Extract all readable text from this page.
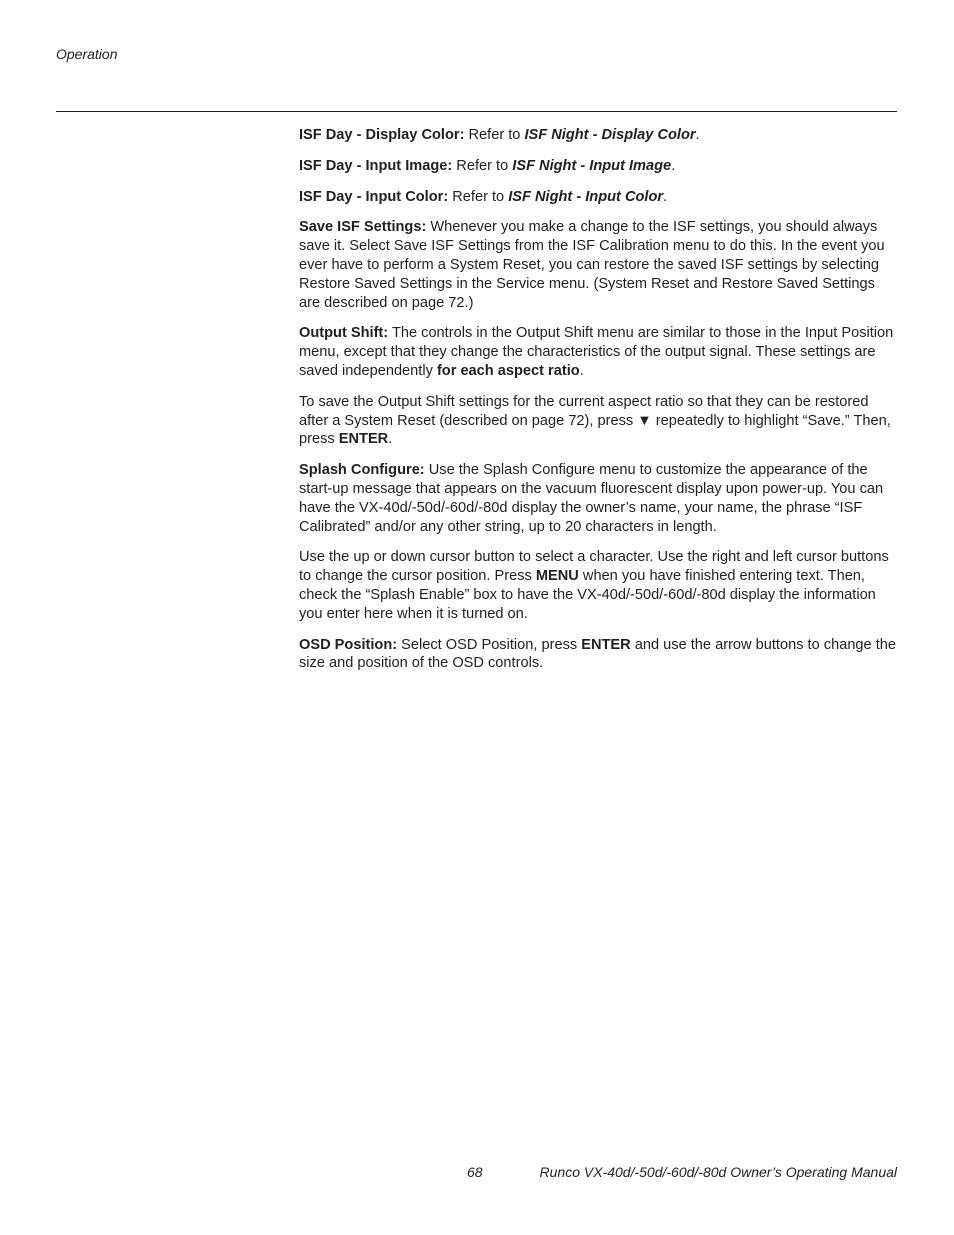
Operation

ISF Day - Display Color: Refer to ISF Night - Display Color.

ISF Day - Input Image: Refer to ISF Night - Input Image.

ISF Day - Input Color: Refer to ISF Night - Input Color.

Save ISF Settings: Whenever you make a change to the ISF settings, you should always save it. Select Save ISF Settings from the ISF Calibration menu to do this. In the event you ever have to perform a System Reset, you can restore the saved ISF settings by selecting Restore Saved Settings in the Service menu. (System Reset and Restore Saved Settings are described on page 72.)

Output Shift: The controls in the Output Shift menu are similar to those in the Input Position menu, except that they change the characteristics of the output signal. These settings are saved independently for each aspect ratio.

To save the Output Shift settings for the current aspect ratio so that they can be restored after a System Reset (described on page 72), press ▼ repeatedly to highlight “Save.” Then, press ENTER.

Splash Configure: Use the Splash Configure menu to customize the appearance of the start-up message that appears on the vacuum fluorescent display upon power-up. You can have the VX-40d/-50d/-60d/-80d display the owner’s name, your name, the phrase “ISF Calibrated” and/or any other string, up to 20 characters in length.

Use the up or down cursor button to select a character. Use the right and left cursor buttons to change the cursor position. Press MENU when you have finished entering text. Then, check the “Splash Enable” box to have the VX-40d/-50d/-60d/-80d display the information you enter here when it is turned on.

OSD Position: Select OSD Position, press ENTER and use the arrow buttons to change the size and position of the OSD controls.

68	Runco VX-40d/-50d/-60d/-80d Owner’s Operating Manual
